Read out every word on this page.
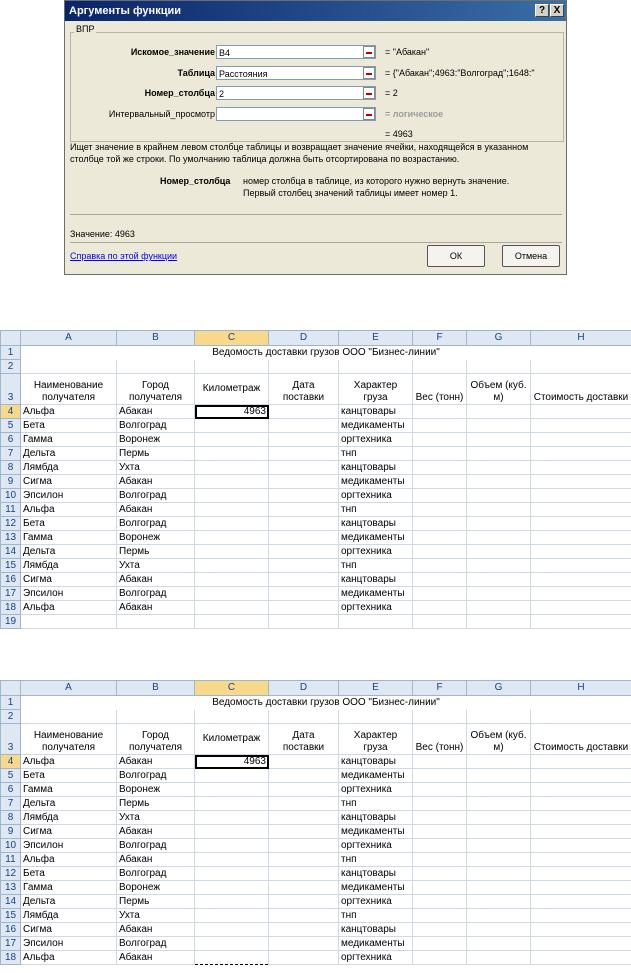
Аргументы функции	? X
ВПР
Искомое_значение B4	= "Абакан"
Таблица Расстояния	= {"Абакан";4963:"Волгоград";1648:"
Номер_столбца 2	= 2
Интервальный_просмотр	= логическое
= 4963
Ищет значение в крайнем левом столбце таблицы и возвращает значение ячейки, находящейся в указанном
столбце той же строки. По умолчанию таблица должна быть отсортирована по возрастанию.
Номер_столбца номер столбца в таблице, из которого нужно вернуть значение.
Первый столбец значений таблицы имеет номер 1.
Значение: 4963
Справка по этой функции	ОК	Отмена
	A	B	C	D	E	F	G	H
1	Ведомость доставки грузов ООО "Бизнес-линии"							
2								
3	Наименование получателя	Город получателя	Километраж	Дата поставки	Характер груза	Вес (тонн)	Объем (куб. м)	Стоимость доставки
4	Альфа	Абакан	4963		канцтовары			
5	Бета	Волгоград			медикаменты			
6	Гамма	Воронеж			оргтехника			
7	Дельта	Пермь			тнп			
8	Лямбда	Ухта			канцтовары			
9	Сигма	Абакан			медикаменты			
10	Эпсилон	Волгоград			оргтехника			
11	Альфа	Абакан			тнп			
12	Бета	Волгоград			канцтовары			
13	Гамма	Воронеж			медикаменты			
14	Дельта	Пермь			оргтехника			
15	Лямбда	Ухта			тнп			
16	Сигма	Абакан			канцтовары			
17	Эпсилон	Волгоград			медикаменты			
18	Альфа	Абакан			оргтехника			
19								
	A	B	C	D	E	F	G	H
1	Ведомость доставки грузов ООО "Бизнес-линии"							
2								
3	Наименование получателя	Город получателя	Километраж	Дата поставки	Характер груза	Вес (тонн)	Объем (куб. м)	Стоимость доставки
4	Альфа	Абакан	4963		канцтовары			
5	Бета	Волгоград			медикаменты			
6	Гамма	Воронеж			оргтехника			
7	Дельта	Пермь			тнп			
8	Лямбда	Ухта			канцтовары			
9	Сигма	Абакан			медикаменты			
10	Эпсилон	Волгоград			оргтехника			
11	Альфа	Абакан			тнп			
12	Бета	Волгоград			канцтовары			
13	Гамма	Воронеж			медикаменты			
14	Дельта	Пермь			оргтехника			
15	Лямбда	Ухта			тнп			
16	Сигма	Абакан			канцтовары			
17	Эпсилон	Волгоград			медикаменты			
18	Альфа	Абакан			оргтехника			
